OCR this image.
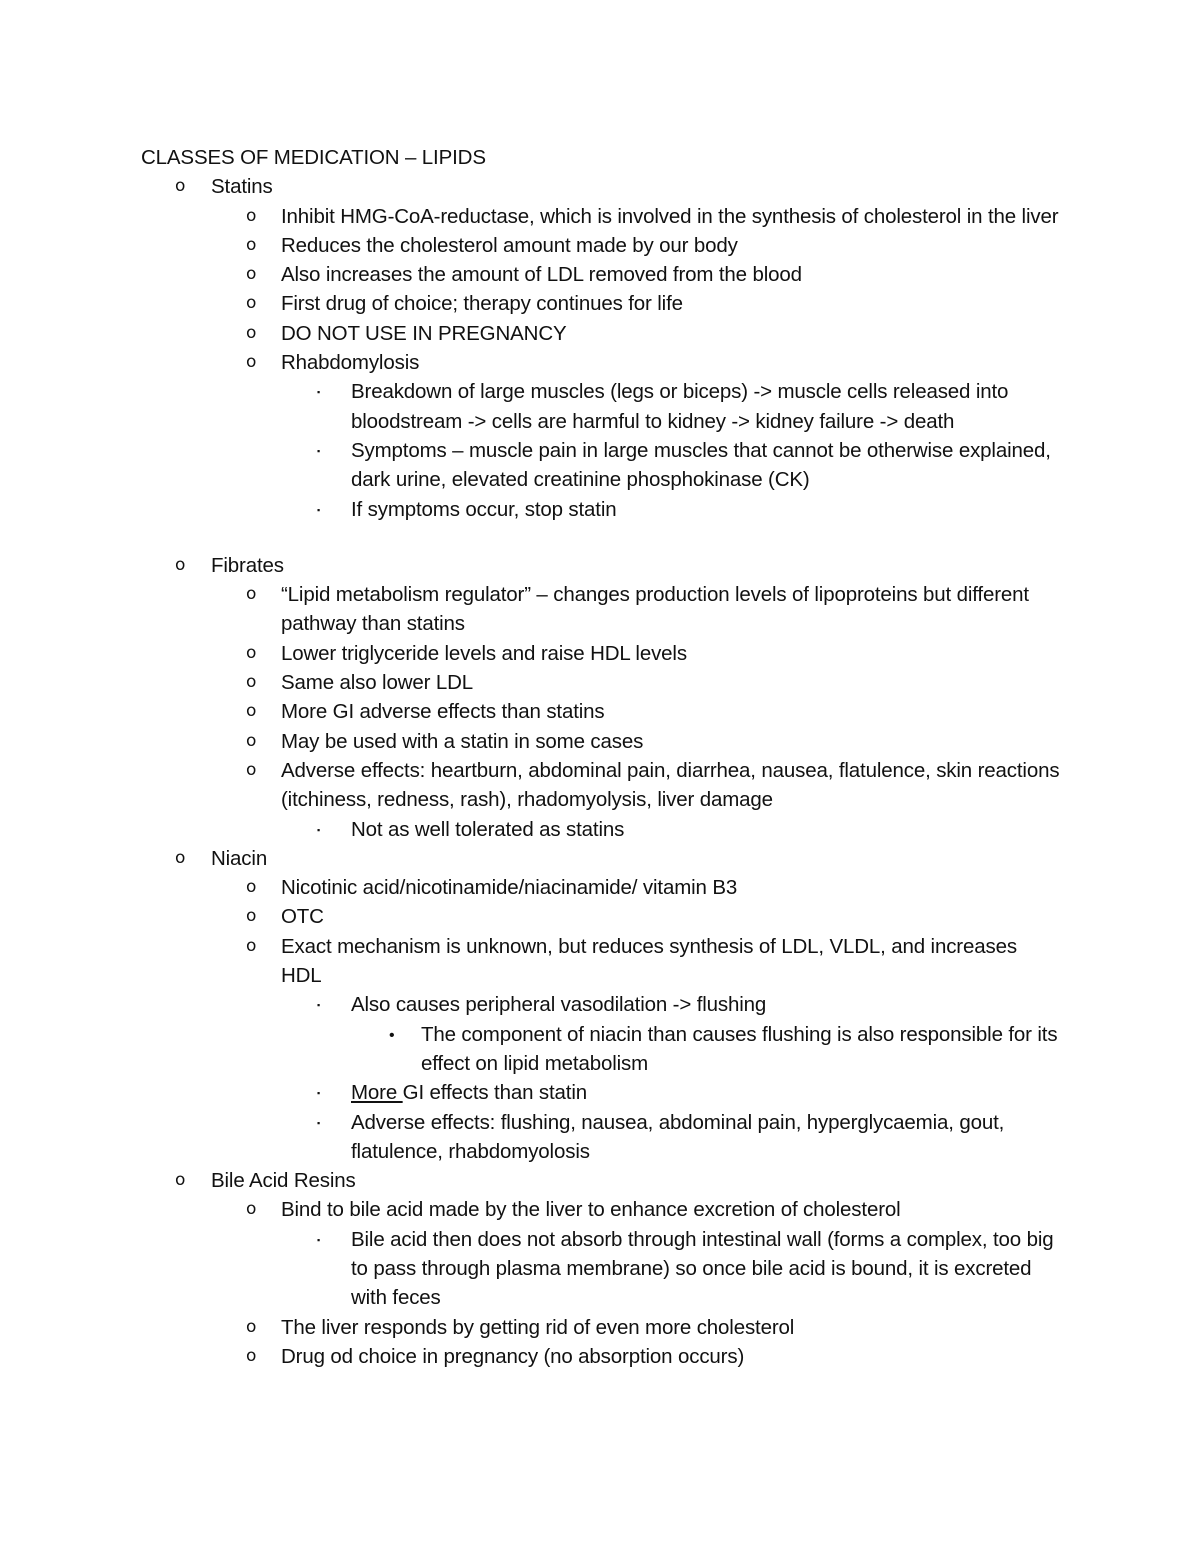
CLASSES OF MEDICATION – LIPIDS

o	Statins
o	Inhibit HMG-CoA-reductase, which is involved in the synthesis of cholesterol in the liver
o	Reduces the cholesterol amount made by our body
o	Also increases the amount of LDL removed from the blood
o	First drug of choice; therapy continues for life
o	DO NOT USE IN PREGNANCY
o	Rhabdomylosis
▪	Breakdown of large muscles (legs or biceps) -> muscle cells released into bloodstream -> cells are harmful to kidney -> kidney failure -> death
▪	Symptoms – muscle pain in large muscles that cannot be otherwise explained, dark urine, elevated creatinine phosphokinase (CK)
▪	If symptoms occur, stop statin
o	Fibrates
o	“Lipid metabolism regulator” – changes production levels of lipoproteins but different pathway than statins
o	Lower triglyceride levels and raise HDL levels
o	Same also lower LDL
o	More GI adverse effects than statins
o	May be used with a statin in some cases
o	Adverse effects: heartburn, abdominal pain, diarrhea, nausea, flatulence, skin reactions (itchiness, redness, rash), rhadomyolysis, liver damage
▪	Not as well tolerated as statins
o	Niacin
o	Nicotinic acid/nicotinamide/niacinamide/ vitamin B3
o	OTC
o	Exact mechanism is unknown, but reduces synthesis of LDL, VLDL, and increases HDL
▪	Also causes peripheral vasodilation -> flushing
•	The component of niacin than causes flushing is also responsible for its effect on lipid metabolism
▪	More GI effects than statin
▪	Adverse effects: flushing, nausea, abdominal pain, hyperglycaemia, gout, flatulence, rhabdomyolosis
o	Bile Acid Resins
o	Bind to bile acid made by the liver to enhance excretion of cholesterol
▪	Bile acid then does not absorb through intestinal wall (forms a complex, too big to pass through plasma membrane) so once bile acid is bound, it is excreted with feces
o	The liver responds by getting rid of even more cholesterol
o	Drug od choice in pregnancy (no absorption occurs)
